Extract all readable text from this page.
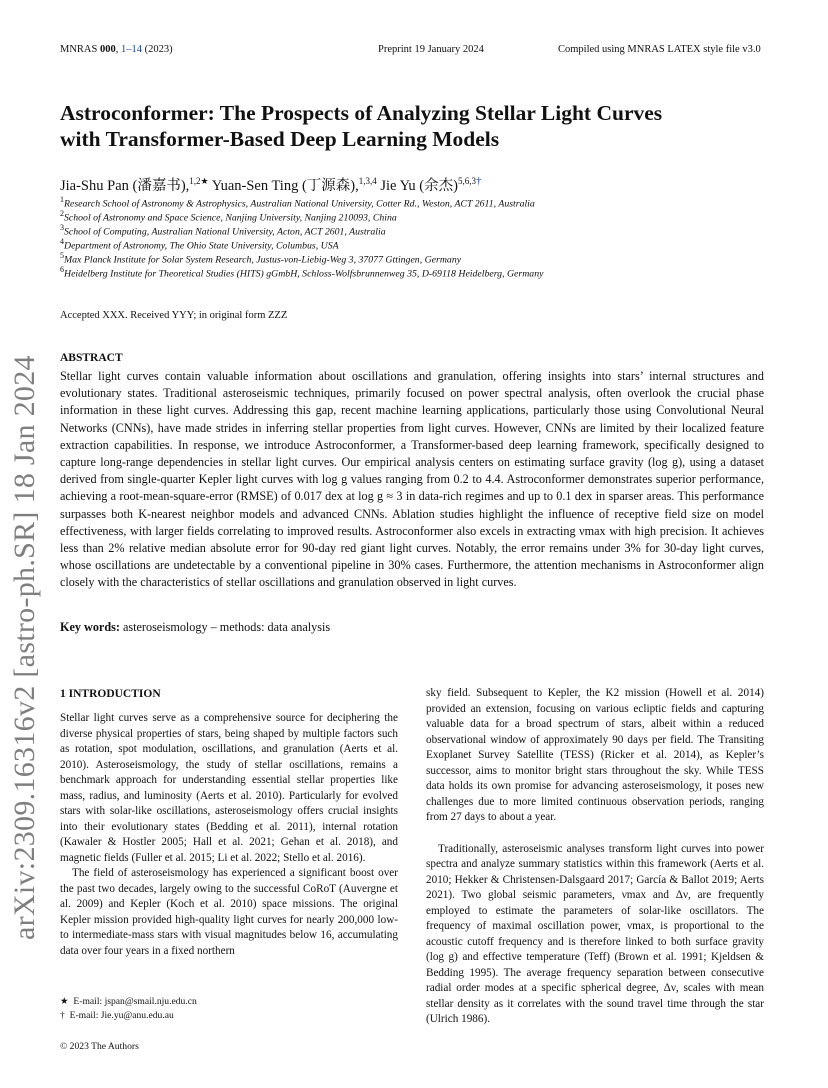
MNRAS 000, 1–14 (2023)	Preprint 19 January 2024	Compiled using MNRAS LATEX style file v3.0
arXiv:2309.16316v2 [astro-ph.SR] 18 Jan 2024
Astroconformer: The Prospects of Analyzing Stellar Light Curves
with Transformer-Based Deep Learning Models
Jia-Shu Pan (潘嘉书),$^{1,2★}$ Yuan-Sen Ting (丁源森),$^{1,3,4}$ Jie Yu (余杰)$^{5,6,3\dagger}$
$^1$Research School of Astronomy & Astrophysics, Australian National University, Cotter Rd., Weston, ACT 2611, Australia
$^2$School of Astronomy and Space Science, Nanjing University, Nanjing 210093, China
$^3$School of Computing, Australian National University, Acton, ACT 2601, Australia
$^4$Department of Astronomy, The Ohio State University, Columbus, USA
$^5$Max Planck Institute for Solar System Research, Justus-von-Liebig-Weg 3, 37077 Gttingen, Germany
$^6$Heidelberg Institute for Theoretical Studies (HITS) gGmbH, Schloss-Wolfsbrunnenweg 35, D-69118 Heidelberg, Germany
Accepted XXX. Received YYY; in original form ZZZ
ABSTRACT
Stellar light curves contain valuable information about oscillations and granulation, offering insights into stars’ internal structures and evolutionary states. Traditional asteroseismic techniques, primarily focused on power spectral analysis, often overlook the crucial phase information in these light curves. Addressing this gap, recent machine learning applications, particularly those using Convolutional Neural Networks (CNNs), have made strides in inferring stellar properties from light curves. However, CNNs are limited by their localized feature extraction capabilities. In response, we introduce Astroconformer, a Transformer-based deep learning framework, specifically designed to capture long-range dependencies in stellar light curves. Our empirical analysis centers on estimating surface gravity (log g), using a dataset derived from single-quarter Kepler light curves with log g values ranging from 0.2 to 4.4. Astroconformer demonstrates superior performance, achieving a root-mean-square-error (RMSE) of 0.017 dex at log g ≈ 3 in data-rich regimes and up to 0.1 dex in sparser areas. This performance surpasses both K-nearest neighbor models and advanced CNNs. Ablation studies highlight the influence of receptive field size on model effectiveness, with larger fields correlating to improved results. Astroconformer also excels in extracting νmax with high precision. It achieves less than 2% relative median absolute error for 90-day red giant light curves. Notably, the error remains under 3% for 30-day light curves, whose oscillations are undetectable by a conventional pipeline in 30% cases. Furthermore, the attention mechanisms in Astroconformer align closely with the characteristics of stellar oscillations and granulation observed in light curves.
Key words: asteroseismology – methods: data analysis
1 INTRODUCTION

Stellar light curves serve as a comprehensive source for deciphering the diverse physical properties of stars, being shaped by multiple factors such as rotation, spot modulation, oscillations, and granulation (Aerts et al. 2010). Asteroseismology, the study of stellar oscillations, remains a benchmark approach for understanding essential stellar properties like mass, radius, and luminosity (Aerts et al. 2010). Particularly for evolved stars with solar-like oscillations, asteroseismology offers crucial insights into their evolutionary states (Bedding et al. 2011), internal rotation (Kawaler & Hostler 2005; Hall et al. 2021; Gehan et al. 2018), and magnetic fields (Fuller et al. 2015; Li et al. 2022; Stello et al. 2016).

The field of asteroseismology has experienced a significant boost over the past two decades, largely owing to the successful CoRoT (Auvergne et al. 2009) and Kepler (Koch et al. 2010) space missions. The original Kepler mission provided high-quality light curves for nearly 200,000 low- to intermediate-mass stars with visual magnitudes below 16, accumulating data over four years in a fixed northern

sky field. Subsequent to Kepler, the K2 mission (Howell et al. 2014) provided an extension, focusing on various ecliptic fields and capturing valuable data for a broad spectrum of stars, albeit within a reduced observational window of approximately 90 days per field. The Transiting Exoplanet Survey Satellite (TESS) (Ricker et al. 2014), as Kepler’s successor, aims to monitor bright stars throughout the sky. While TESS data holds its own promise for advancing asteroseismology, it poses new challenges due to more limited continuous observation periods, ranging from 27 days to about a year.

Traditionally, asteroseismic analyses transform light curves into power spectra and analyze summary statistics within this framework (Aerts et al. 2010; Hekker & Christensen-Dalsgaard 2017; García & Ballot 2019; Aerts 2021). Two global seismic parameters, νmax and Δν, are frequently employed to estimate the parameters of solar-like oscillators. The frequency of maximal oscillation power, νmax, is proportional to the acoustic cutoff frequency and is therefore linked to both surface gravity (log g) and effective temperature (Teff) (Brown et al. 1991; Kjeldsen & Bedding 1995). The average frequency separation between consecutive radial order modes at a specific spherical degree, Δν, scales with mean stellar density as it correlates with the sound travel time through the star (Ulrich 1986).

★ E-mail: jspan@smail.nju.edu.cn
† E-mail: Jie.yu@anu.edu.au
© 2023 The Authors
